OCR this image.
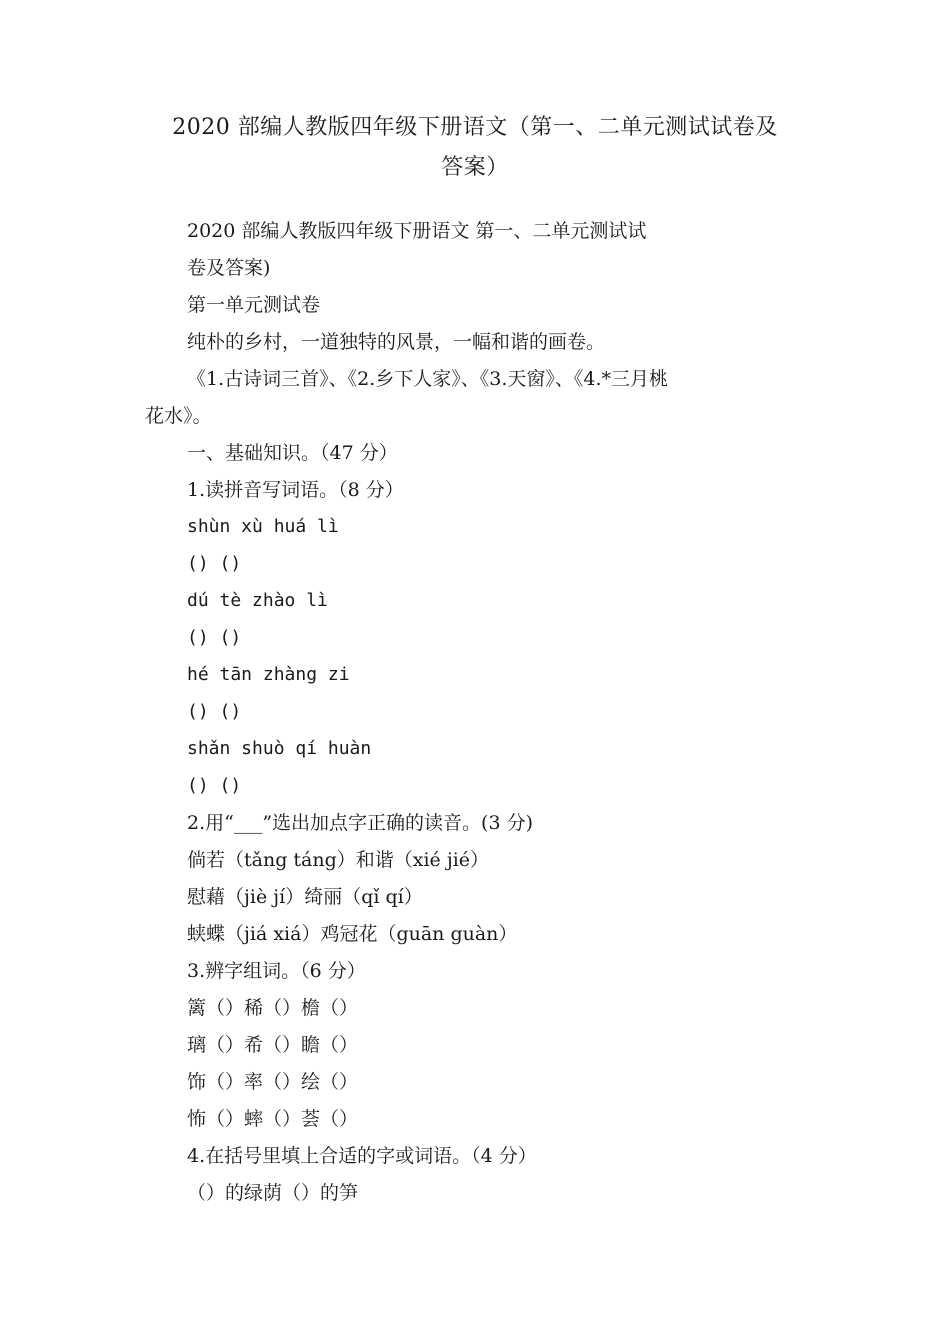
2020 部编人教版四年级下册语文（第一、二单元测试试卷及
答案）
2020 部编人教版四年级下册语文 第一、二单元测试试
卷及答案)
第一单元测试卷
纯朴的乡村，一道独特的风景，一幅和谐的画卷。
《1.古诗词三首》、《2.乡下人家》、《3.天窗》、《4.*三月桃
花水》。
一、基础知识。（47 分）
1.读拼音写词语。（8 分）
shùn xù huá lì
() ()
dú tè zhào lì
() ()
hé tān zhàng zi
() ()
shǎn shuò qí huàn
() ()
2.用“___”选出加点字正确的读音。(3 分)
倘若（tǎng táng）和谐（xié jié）
慰藉（jiè jí）绮丽（qǐ qí）
蛱蝶（jiá xiá）鸡冠花（guān guàn）
3.辨字组词。（6 分）
篱（）稀（）檐（）
璃（）希（）瞻（）
饰（）率（）绘（）
怖（）蟀（）荟（）
4.在括号里填上合适的字或词语。（4 分）
（）的绿荫（）的笋
